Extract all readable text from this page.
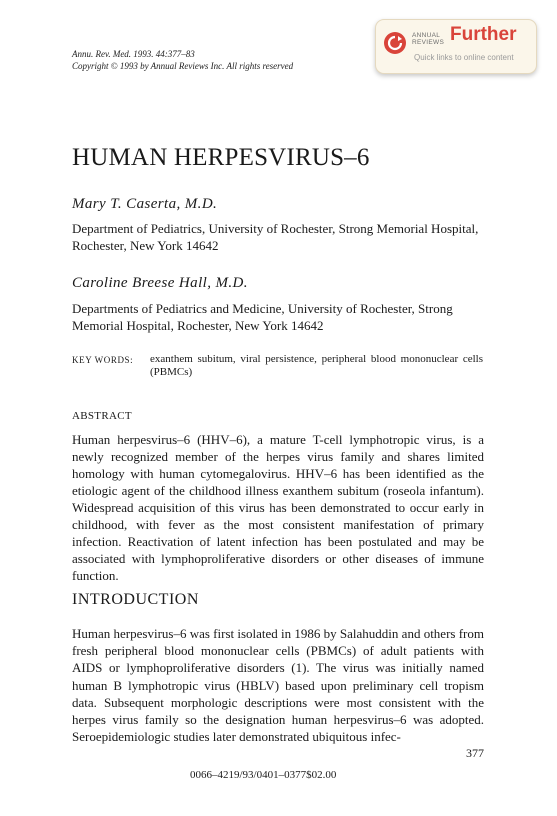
Annu. Rev. Med. 1993. 44:377–83
Copyright © 1993 by Annual Reviews Inc. All rights reserved
ANNUAL
REVIEWS Further
Quick links to online content
HUMAN HERPESVIRUS–6
Mary T. Caserta, M.D.
Department of Pediatrics, University of Rochester, Strong Memorial Hospital, Rochester, New York 14642
Caroline Breese Hall, M.D.
Departments of Pediatrics and Medicine, University of Rochester, Strong Memorial Hospital, Rochester, New York 14642
KEY WORDS: exanthem subitum, viral persistence, peripheral blood mononuclear cells (PBMCs)
ABSTRACT

Human herpesvirus–6 (HHV–6), a mature T-cell lymphotropic virus, is a newly recognized member of the herpes virus family and shares limited homology with human cytomegalovirus. HHV–6 has been identified as the etiologic agent of the childhood illness exanthem subitum (roseola infantum). Widespread acquisition of this virus has been demonstrated to occur early in childhood, with fever as the most consistent manifestation of primary infection. Reactivation of latent infection has been postulated and may be associated with lymphoproliferative disorders or other diseases of immune function.

INTRODUCTION

Human herpesvirus–6 was first isolated in 1986 by Salahuddin and others from fresh peripheral blood mononuclear cells (PBMCs) of adult patients with AIDS or lymphoproliferative disorders (1). The virus was initially named human B lymphotropic virus (HBLV) based upon preliminary cell tropism data. Subsequent morphologic descriptions were most consistent with the herpes virus family so the designation human herpesvirus–6 was adopted. Seroepidemiologic studies later demonstrated ubiquitous infec-

377
0066–4219/93/0401–0377$02.00
